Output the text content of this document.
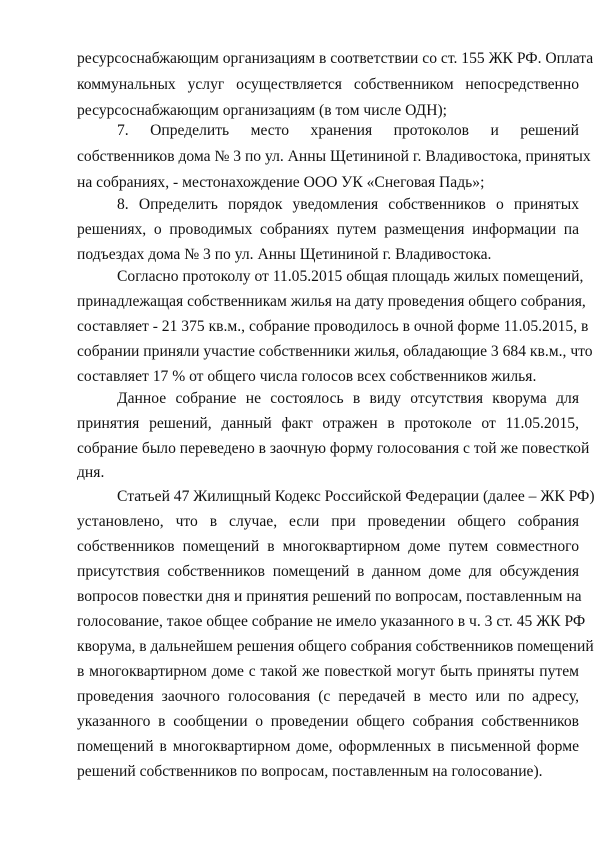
ресурсоснабжающим организациям в соответствии со ст. 155 ЖК РФ. Оплата
коммунальных услуг осуществляется собственником непосредственно
ресурсоснабжающим организациям (в том числе ОДН);
7. Определить место хранения протоколов и решений
собственников дома № 3 по ул. Анны Щетининой г. Владивостока, принятых
на собраниях, - местонахождение ООО УК «Снеговая Падь»;
8. Определить порядок уведомления собственников о принятых
решениях, о проводимых собраниях путем размещения информации па
подъездах дома № 3 по ул. Анны Щетининой г. Владивостока.
Согласно протоколу от 11.05.2015 общая площадь жилых помещений,
принадлежащая собственникам жилья на дату проведения общего собрания,
составляет - 21 375 кв.м., собрание проводилось в очной форме 11.05.2015, в
собрании приняли участие собственники жилья, обладающие 3 684 кв.м., что
составляет 17 % от общего числа голосов всех собственников жилья.
Данное собрание не состоялось в виду отсутствия кворума для
принятия решений, данный факт отражен в протоколе от 11.05.2015,
собрание было переведено в заочную форму голосования с той же повесткой
дня.
Статьей 47 Жилищный Кодекс Российской Федерации (далее – ЖК РФ)
установлено, что в случае, если при проведении общего собрания
собственников помещений в многоквартирном доме путем совместного
присутствия собственников помещений в данном доме для обсуждения
вопросов повестки дня и принятия решений по вопросам, поставленным на
голосование, такое общее собрание не имело указанного в ч. 3 ст. 45 ЖК РФ
кворума, в дальнейшем решения общего собрания собственников помещений
в многоквартирном доме с такой же повесткой могут быть приняты путем
проведения заочного голосования (с передачей в место или по адресу,
указанного в сообщении о проведении общего собрания собственников
помещений в многоквартирном доме, оформленных в письменной форме
решений собственников по вопросам, поставленным на голосование).
